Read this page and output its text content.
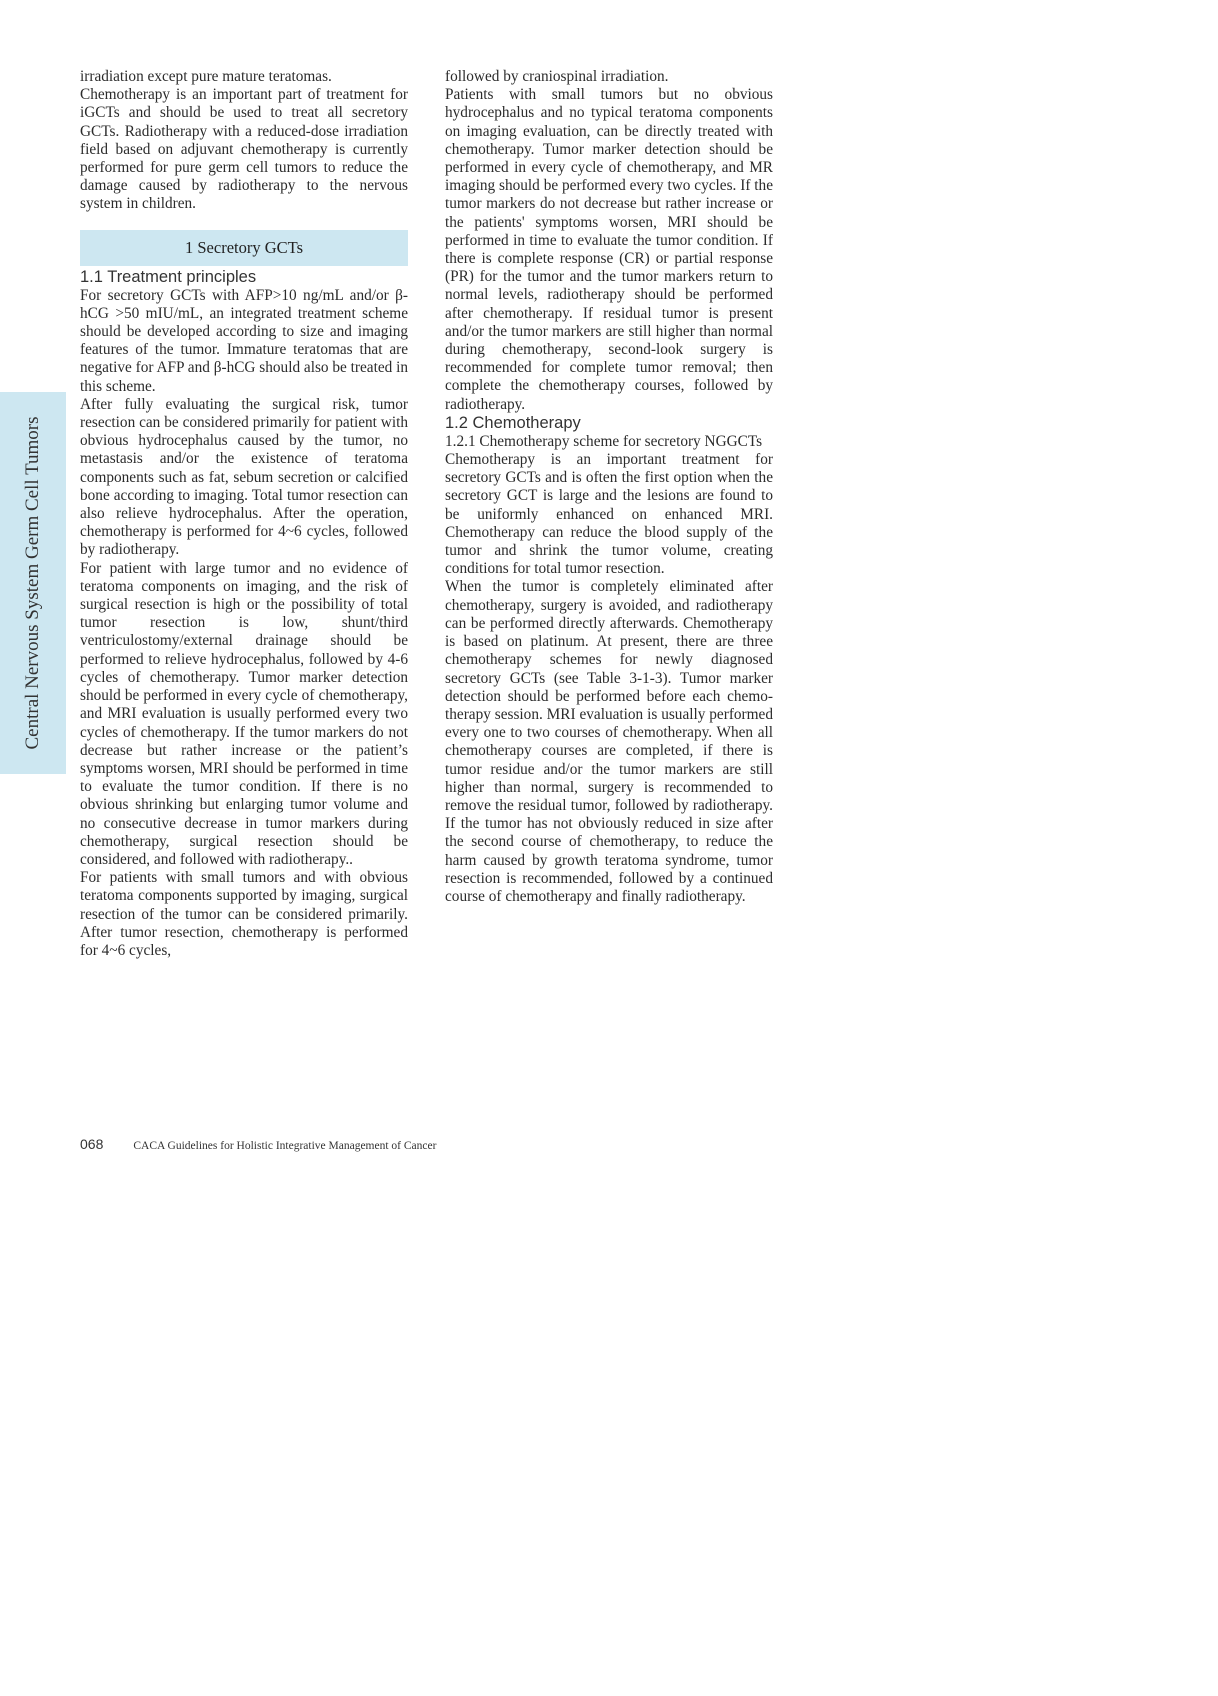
Central Nervous System Germ Cell Tumors

irradiation except pure mature teratomas.

Chemotherapy is an important part of treatment for iGCTs and should be used to treat all secretory GCTs. Radiotherapy with a reduced-dose irradiation field based on adjuvant chemotherapy is currently performed for pure germ cell tumors to reduce the damage caused by radiotherapy to the nervous system in children.

1 Secretory GCTs
1.1 Treatment principles

For secretory GCTs with AFP>10 ng/mL and/or β-hCG >50 mIU/mL, an integrated treatment scheme should be developed according to size and imaging features of the tumor. Immature teratomas that are negative for AFP and β-hCG should also be treated in this scheme.

After fully evaluating the surgical risk, tumor resection can be considered primarily for patient with obvious hydrocephalus caused by the tumor, no metastasis and/or the existence of teratoma components such as fat, sebum secretion or calcified bone according to imaging. Total tumor resection can also relieve hydrocephalus. After the operation, chemotherapy is performed for 4~6 cycles, followed by radiotherapy.

For patient with large tumor and no evidence of teratoma components on imaging, and the risk of surgical resection is high or the possibility of total tumor resection is low, shunt/third ventriculostomy/external drainage should be performed to relieve hydrocephalus, followed by 4-6 cycles of chemotherapy. Tumor marker detection should be performed in every cycle of chemotherapy, and MRI evaluation is usually performed every two cycles of chemotherapy. If the tumor markers do not decrease but rather increase or the patient’s symptoms worsen, MRI should be performed in time to evaluate the tumor condition. If there is no obvious shrinking but enlarging tumor volume and no consecutive decrease in tumor markers during chemotherapy, surgical resection should be considered, and followed with radiotherapy..

For patients with small tumors and with obvious teratoma components supported by imaging, surgical resection of the tumor can be considered primarily. After tumor resection, chemotherapy is performed for 4~6 cycles,

followed by craniospinal irradiation.

Patients with small tumors but no obvious hydrocephalus and no typical teratoma components on imaging evaluation, can be directly treated with chemotherapy. Tumor marker detection should be performed in every cycle of chemotherapy, and MR imaging should be performed every two cycles. If the tumor markers do not decrease but rather increase or the patients' symptoms worsen, MRI should be performed in time to evaluate the tumor condition. If there is complete response (CR) or partial response (PR) for the tumor and the tumor markers return to normal levels, radiotherapy should be performed after chemotherapy. If residual tumor is present and/or the tumor markers are still higher than normal during chemotherapy, second-look surgery is recommended for complete tumor removal; then complete the chemotherapy courses, followed by radiotherapy.

1.2 Chemotherapy

1.2.1 Chemotherapy scheme for secretory NGGCTs

Chemotherapy is an important treatment for secretory GCTs and is often the first option when the secretory GCT is large and the lesions are found to be uniformly enhanced on enhanced MRI. Chemotherapy can reduce the blood supply of the tumor and shrink the tumor volume, creating conditions for total tumor resection.

When the tumor is completely eliminated after chemotherapy, surgery is avoided, and radiotherapy can be performed directly afterwards. Chemotherapy is based on platinum. At present, there are three chemotherapy schemes for newly diagnosed secretory GCTs (see Table 3-1-3). Tumor marker detection should be performed before each chemotherapy session. MRI evaluation is usually performed every one to two courses of chemotherapy. When all chemotherapy courses are completed, if there is tumor residue and/or the tumor markers are still higher than normal, surgery is recommended to remove the residual tumor, followed by radiotherapy. If the tumor has not obviously reduced in size after the second course of chemotherapy, to reduce the harm caused by growth teratoma syndrome, tumor resection is recommended, followed by a continued course of chemotherapy and finally radiotherapy.

068	CACA Guidelines for Holistic Integrative Management of Cancer
